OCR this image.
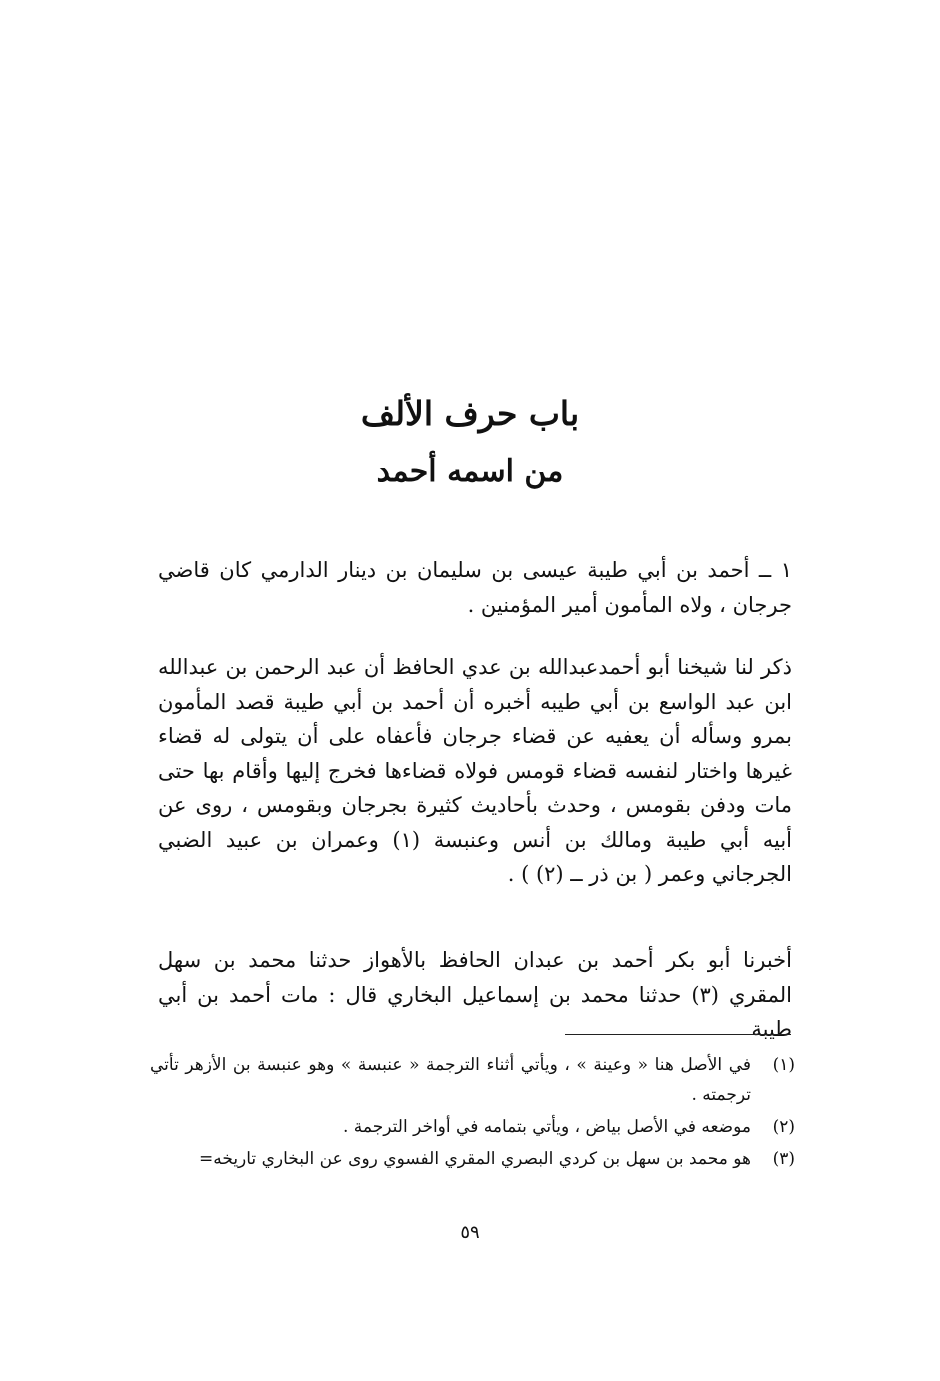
باب حرف الألف
من اسمه أحمد

١ ــ أحمد بن أبي طيبة عيسى بن سليمان بن دينار الدارمي كان قاضي جرجان ، ولاه المأمون أمير المؤمنين .

ذكر لنا شيخنا أبو أحمدعبدالله بن عدي الحافظ أن عبد الرحمن بن عبدالله ابن عبد الواسع بن أبي طيبه أخبره أن أحمد بن أبي طيبة قصد المأمون بمرو وسأله أن يعفيه عن قضاء جرجان فأعفاه على أن يتولى له قضاء غيرها واختار لنفسه قضاء قومس فولاه قضاءها فخرج إليها وأقام بها حتى مات ودفن بقومس ، وحدث بأحاديث كثيرة بجرجان وبقومس ، روى عن أبيه أبي طيبة ومالك بن أنس وعنبسة (١) وعمران بن عبيد الضبي الجرجاني وعمر ( بن ذر ــ (٢) ) .

أخبرنا أبو بكر أحمد بن عبدان الحافظ بالأهواز حدثنا محمد بن سهل المقري (٣) حدثنا محمد بن إسماعيل البخاري قال : مات أحمد بن أبي طيبة

(١)
في الأصل هنا « وعينة » ، ويأتي أثناء الترجمة « عنبسة » وهو عنبسة بن الأزهر تأتي ترجمته .
(٢)
موضعه في الأصل بياض ، ويأتي بتمامه في أواخر الترجمة .
(٣)
هو محمد بن سهل بن كردي البصري المقري الفسوي روى عن البخاري تاريخه=
٥٩
